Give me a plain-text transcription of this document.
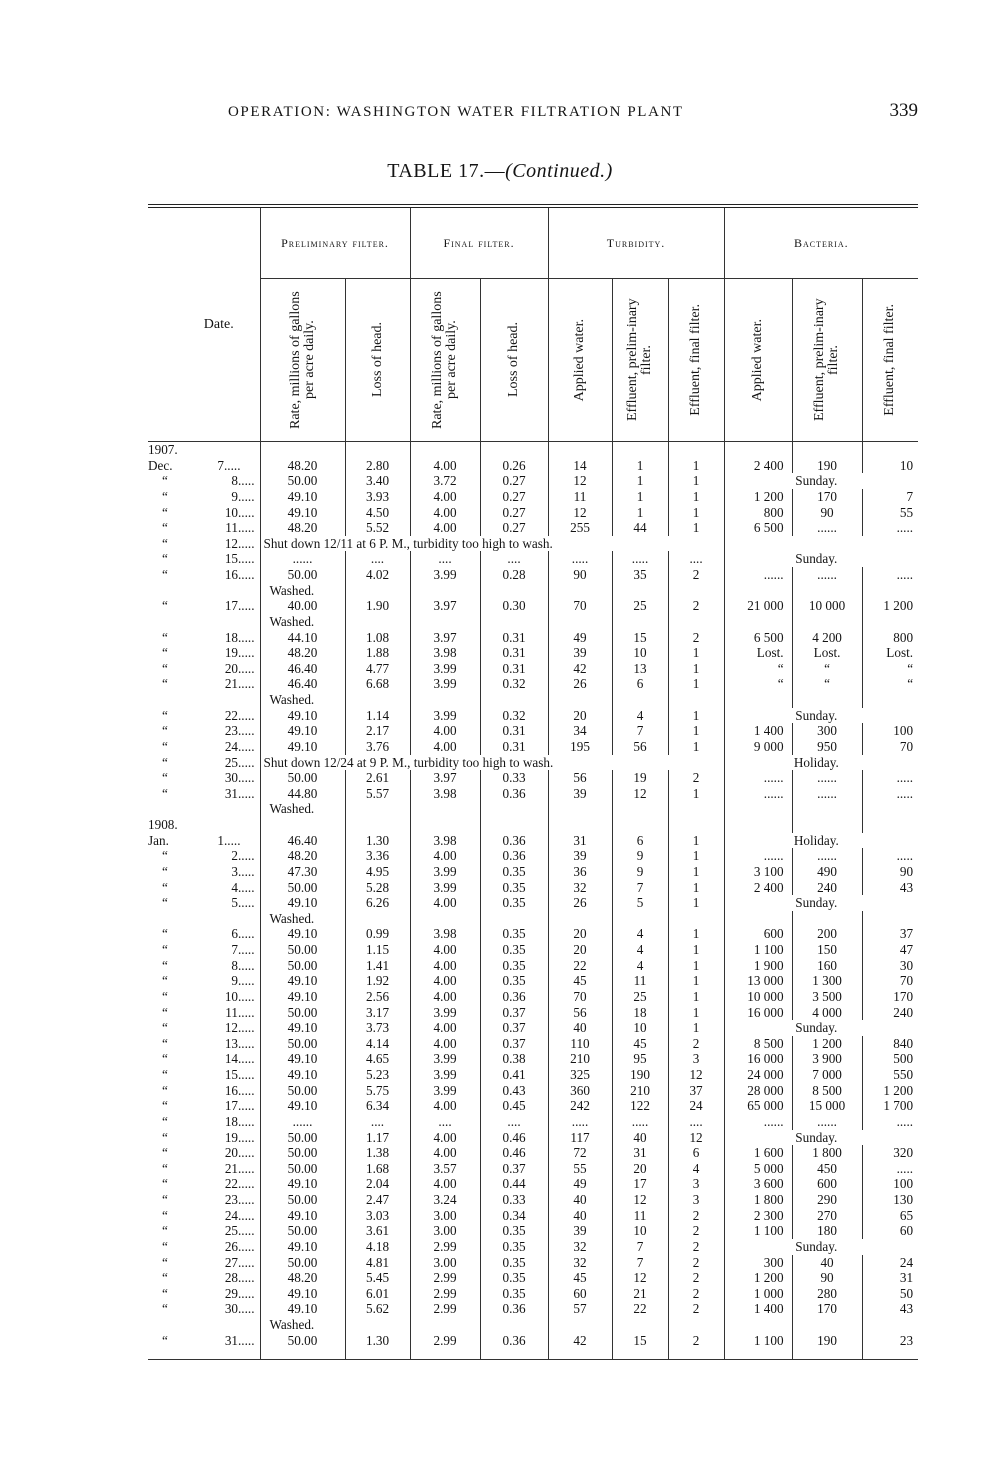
OPERATION: WASHINGTON WATER FILTRATION PLANT	339
TABLE 17.—(Continued.)
Date.	Preliminary filter.		Final filter.		Turbidity.			Bacteria.		

	Rate, millions of gallons per acre daily.	Loss of head.	Rate, millions of gallons per acre daily.	Loss of head.	Applied water.	Effluent, prelim-inary filter.	Effluent, final filter.	Applied water.	Effluent, prelim-inary filter.	Effluent, final filter.

1907.										
Dec. 7.....	48.20	2.80	4.00	0.26	14	1	1	2 400	190	10
“ 8.....	50.00	3.40	3.72	0.27	12	1	1	Sunday.		
“ 9.....	49.10	3.93	4.00	0.27	11	1	1	1 200	170	7
“ 10.....	49.10	4.50	4.00	0.27	12	1	1	800	90	55
“ 11.....	48.20	5.52	4.00	0.27	255	44	1	6 500	......	.....
“ 12.....	Shut down 12/11 at 6 P. M., turbidity too high to wash.									
“ 15.....	......	....	....	....	.....	.....	....	Sunday.		
“ 16.....	50.00	4.02	3.99	0.28	90	35	2	......	......	.....
	Washed.									
“ 17.....	40.00	1.90	3.97	0.30	70	25	2	21 000	10 000	1 200
	Washed.									
“ 18.....	44.10	1.08	3.97	0.31	49	15	2	6 500	4 200	800
“ 19.....	48.20	1.88	3.98	0.31	39	10	1	Lost.	Lost.	Lost.
“ 20.....	46.40	4.77	3.99	0.31	42	13	1	“	“	“
“ 21.....	46.40	6.68	3.99	0.32	26	6	1	“	“	“
	Washed.									
“ 22.....	49.10	1.14	3.99	0.32	20	4	1	Sunday.		
“ 23.....	49.10	2.17	4.00	0.31	34	7	1	1 400	300	100
“ 24.....	49.10	3.76	4.00	0.31	195	56	1	9 000	950	70
“ 25.....	Shut down 12/24 at 9 P. M., turbidity too high to wash.							Holiday.		
“ 30.....	50.00	2.61	3.97	0.33	56	19	2	......	......	.....
“ 31.....	44.80	5.57	3.98	0.36	39	12	1	......	......	.....
	Washed.									
1908.										
Jan. 1.....	46.40	1.30	3.98	0.36	31	6	1	Holiday.		
“ 2.....	48.20	3.36	4.00	0.36	39	9	1	......	......	.....
“ 3.....	47.30	4.95	3.99	0.35	36	9	1	3 100	490	90
“ 4.....	50.00	5.28	3.99	0.35	32	7	1	2 400	240	43
“ 5.....	49.10	6.26	4.00	0.35	26	5	1	Sunday.		
	Washed.									
“ 6.....	49.10	0.99	3.98	0.35	20	4	1	600	200	37
“ 7.....	50.00	1.15	4.00	0.35	20	4	1	1 100	150	47
“ 8.....	50.00	1.41	4.00	0.35	22	4	1	1 900	160	30
“ 9.....	49.10	1.92	4.00	0.35	45	11	1	13 000	1 300	70
“ 10.....	49.10	2.56	4.00	0.36	70	25	1	10 000	3 500	170
“ 11.....	50.00	3.17	3.99	0.37	56	18	1	16 000	4 000	240
“ 12.....	49.10	3.73	4.00	0.37	40	10	1	Sunday.		
“ 13.....	50.00	4.14	4.00	0.37	110	45	2	8 500	1 200	840
“ 14.....	49.10	4.65	3.99	0.38	210	95	3	16 000	3 900	500
“ 15.....	49.10	5.23	3.99	0.41	325	190	12	24 000	7 000	550
“ 16.....	50.00	5.75	3.99	0.43	360	210	37	28 000	8 500	1 200
“ 17.....	49.10	6.34	4.00	0.45	242	122	24	65 000	15 000	1 700
“ 18.....	......	....	....	....	.....	.....	....	......	......	.....
“ 19.....	50.00	1.17	4.00	0.46	117	40	12	Sunday.		
“ 20.....	50.00	1.38	4.00	0.46	72	31	6	1 600	1 800	320
“ 21.....	50.00	1.68	3.57	0.37	55	20	4	5 000	450	.....
“ 22.....	49.10	2.04	4.00	0.44	49	17	3	3 600	600	100
“ 23.....	50.00	2.47	3.24	0.33	40	12	3	1 800	290	130
“ 24.....	49.10	3.03	3.00	0.34	40	11	2	2 300	270	65
“ 25.....	50.00	3.61	3.00	0.35	39	10	2	1 100	180	60
“ 26.....	49.10	4.18	2.99	0.35	32	7	2	Sunday.		
“ 27.....	50.00	4.81	3.00	0.35	32	7	2	300	40	24
“ 28.....	48.20	5.45	2.99	0.35	45	12	2	1 200	90	31
“ 29.....	49.10	6.01	2.99	0.35	60	21	2	1 000	280	50
“ 30.....	49.10	5.62	2.99	0.36	57	22	2	1 400	170	43
	Washed.									
“ 31.....	50.00	1.30	2.99	0.36	42	15	2	1 100	190	23
